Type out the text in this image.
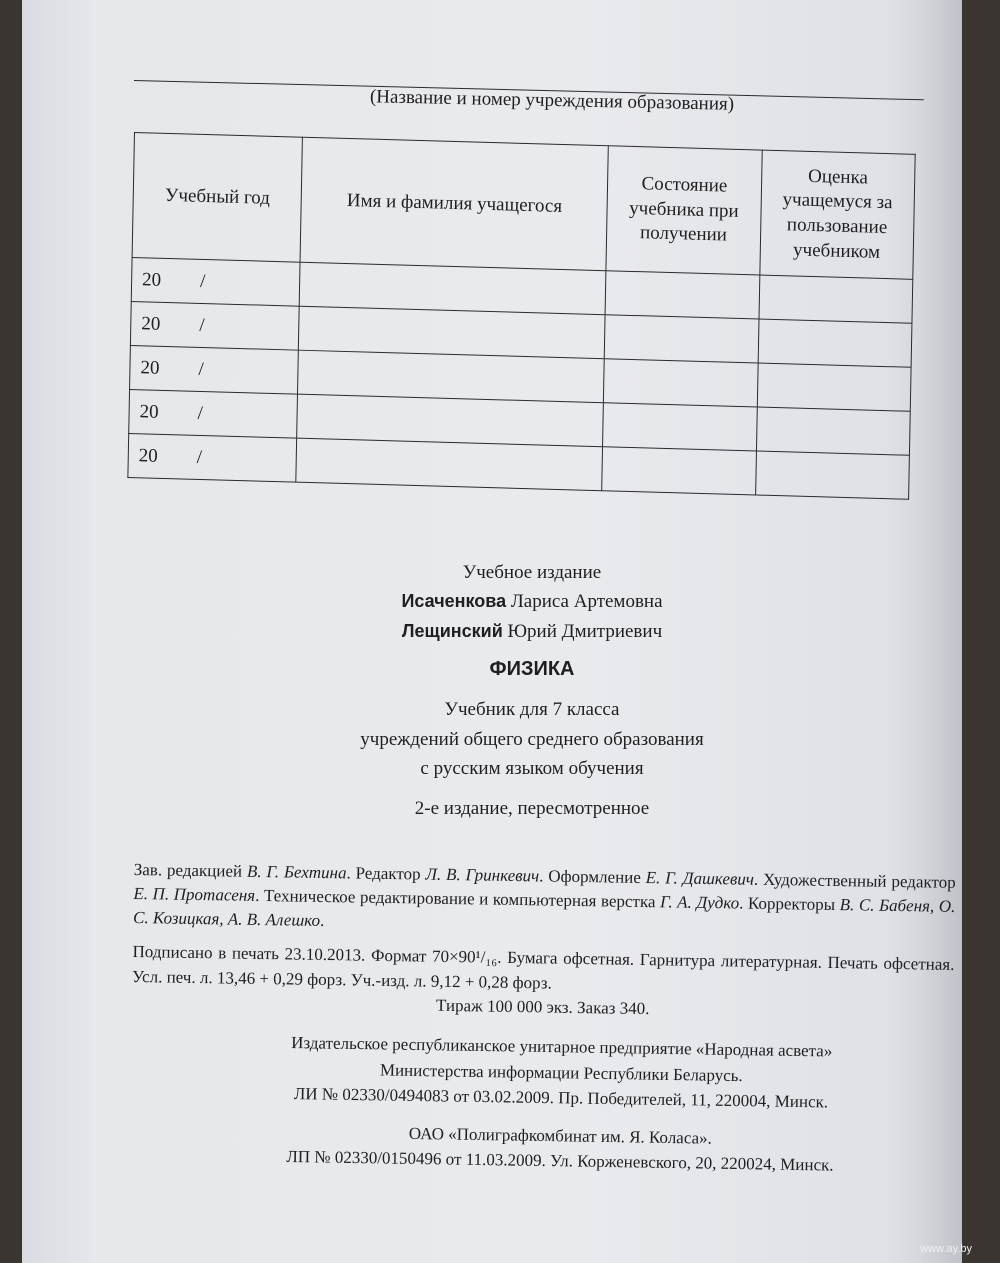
(Название и номер учреждения образования)
Учебный год	Имя и фамилия учащегося	Состояние учебника при получении	Оценка учащемуся за пользование учебником
20 /			
20 /			
20 /			
20 /			
20 /			
Учебное издание
Исаченкова Лариса Артемовна
Лещинский Юрий Дмитриевич
ФИЗИКА
Учебник для 7 класса
учреждений общего среднего образования
с русским языком обучения
2-е издание, пересмотренное

Зав. редакцией В. Г. Бехтина. Редактор Л. В. Гринкевич. Оформление Е. Г. Дашкевич. Художественный редактор Е. П. Протасеня. Техническое редактирование и компьютерная верстка Г. А. Дудко. Корректоры В. С. Бабеня, О. С. Козицкая, А. В. Алешко.

Подписано в печать 23.10.2013. Формат 70×90¹/₁₆. Бумага офсетная. Гарнитура литературная. Печать офсетная. Усл. печ. л. 13,46 + 0,29 форз. Уч.-изд. л. 9,12 + 0,28 форз.

Тираж 100 000 экз. Заказ 340.

Издательское республиканское унитарное предприятие «Народная асвета»
Министерства информации Республики Беларусь.
ЛИ № 02330/0494083 от 03.02.2009. Пр. Победителей, 11, 220004, Минск.

ОАО «Полиграфкомбинат им. Я. Коласа».
ЛП № 02330/0150496 от 11.03.2009. Ул. Корженевского, 20, 220024, Минск.

www.ay.by
